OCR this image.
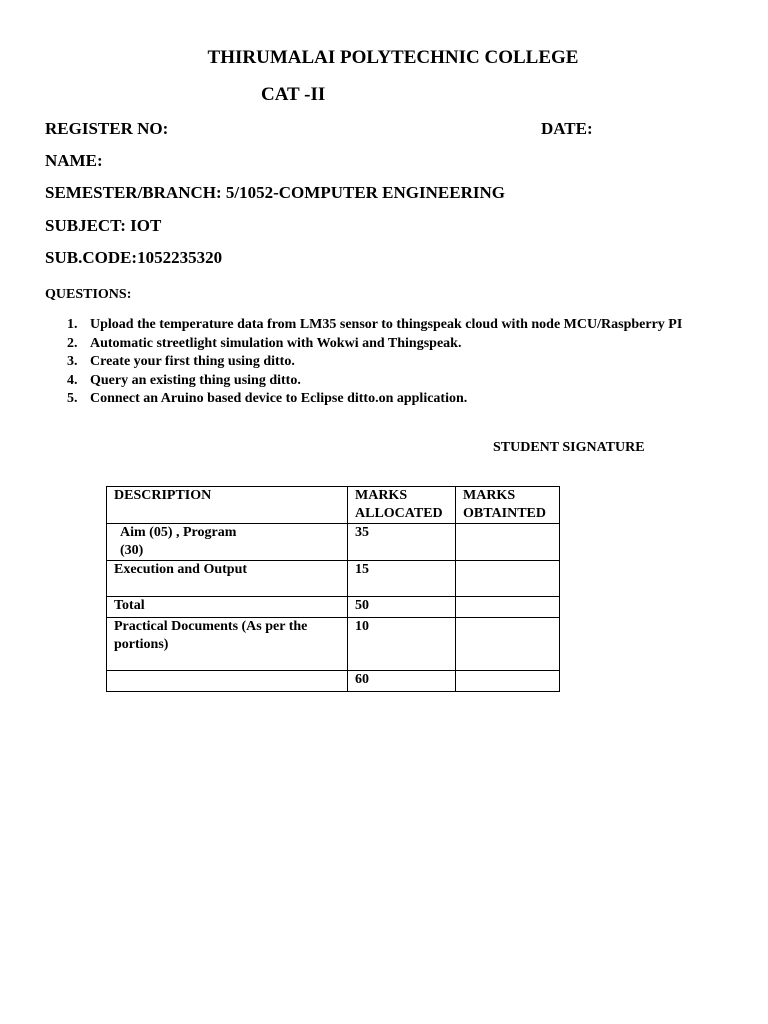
THIRUMALAI POLYTECHNIC COLLEGE
CAT -II
REGISTER NO:	DATE:
NAME:
SEMESTER/BRANCH: 5/1052-COMPUTER ENGINEERING
SUBJECT: IOT
SUB.CODE:1052235320
QUESTIONS:
1. Upload the temperature data from LM35 sensor to thingspeak cloud with node MCU/Raspberry PI
2. Automatic streetlight simulation with Wokwi and Thingspeak.
3. Create your first thing using ditto.
4. Query an existing thing using ditto.
5. Connect an Aruino based device to Eclipse ditto.on application.
STUDENT SIGNATURE
DESCRIPTION	MARKS ALLOCATED	MARKS OBTAINTED
Aim (05) , Program (30)	35	
Execution and Output	15	
Total	50	
Practical Documents (As per the portions)	10	
	60	
